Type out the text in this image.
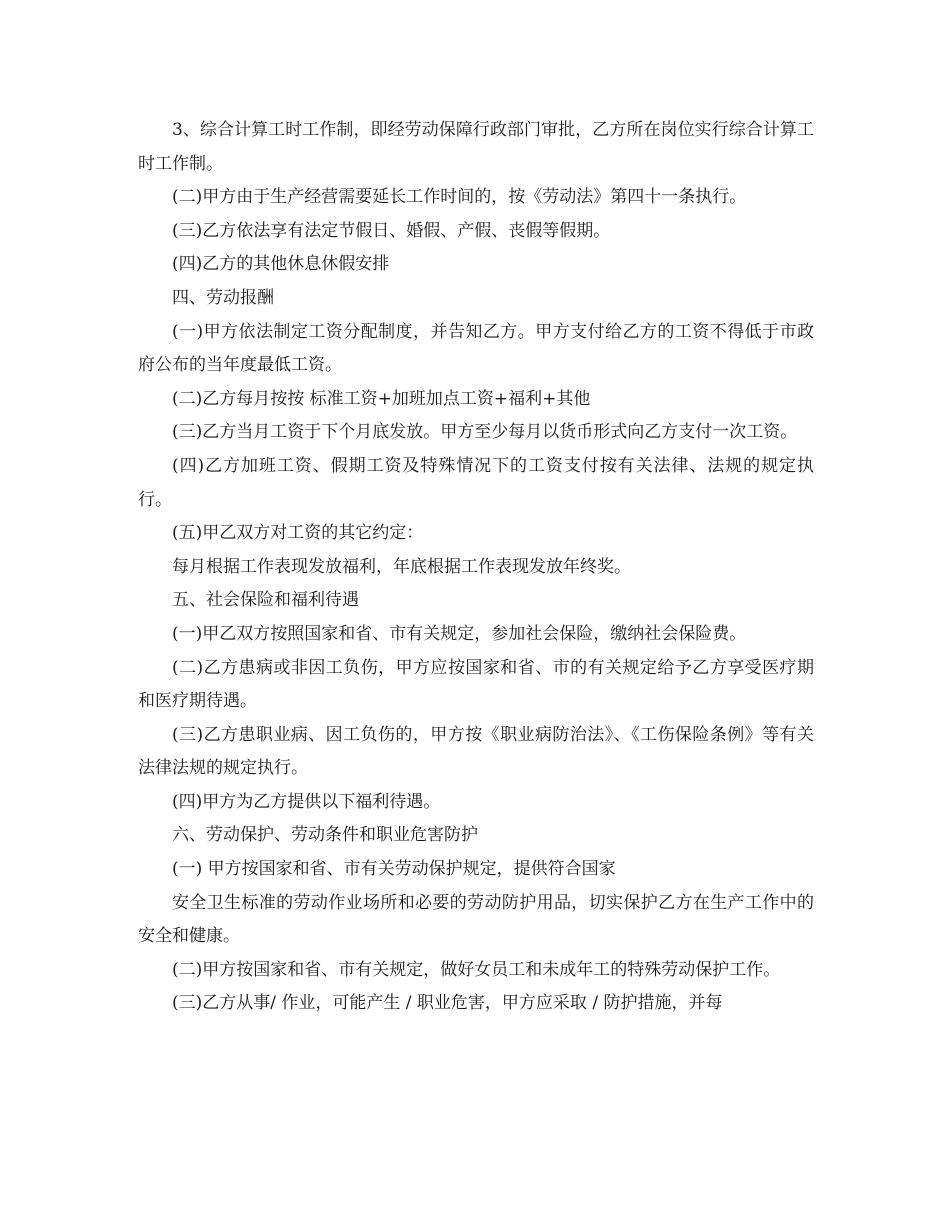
3、综合计算工时工作制，即经劳动保障行政部门审批，乙方所在岗位实行综合计算工时工作制。

(二)甲方由于生产经营需要延长工作时间的，按《劳动法》第四十一条执行。

(三)乙方依法享有法定节假日、婚假、产假、丧假等假期。

(四)乙方的其他休息休假安排

四、劳动报酬

(一)甲方依法制定工资分配制度，并告知乙方。甲方支付给乙方的工资不得低于市政府公布的当年度最低工资。

(二)乙方每月按按 标准工资+加班加点工资+福利+其他

(三)乙方当月工资于下个月底发放。甲方至少每月以货币形式向乙方支付一次工资。

(四)乙方加班工资、假期工资及特殊情况下的工资支付按有关法律、法规的规定执行。

(五)甲乙双方对工资的其它约定：

每月根据工作表现发放福利，年底根据工作表现发放年终奖。

五、社会保险和福利待遇

(一)甲乙双方按照国家和省、市有关规定，参加社会保险，缴纳社会保险费。

(二)乙方患病或非因工负伤，甲方应按国家和省、市的有关规定给予乙方享受医疗期和医疗期待遇。

(三)乙方患职业病、因工负伤的，甲方按《职业病防治法》、《工伤保险条例》等有关法律法规的规定执行。

(四)甲方为乙方提供以下福利待遇。

六、劳动保护、劳动条件和职业危害防护

(一) 甲方按国家和省、市有关劳动保护规定，提供符合国家

安全卫生标准的劳动作业场所和必要的劳动防护用品，切实保护乙方在生产工作中的安全和健康。

(二)甲方按国家和省、市有关规定，做好女员工和未成年工的特殊劳动保护工作。

(三)乙方从事/ 作业，可能产生 / 职业危害，甲方应采取 / 防护措施，并每
